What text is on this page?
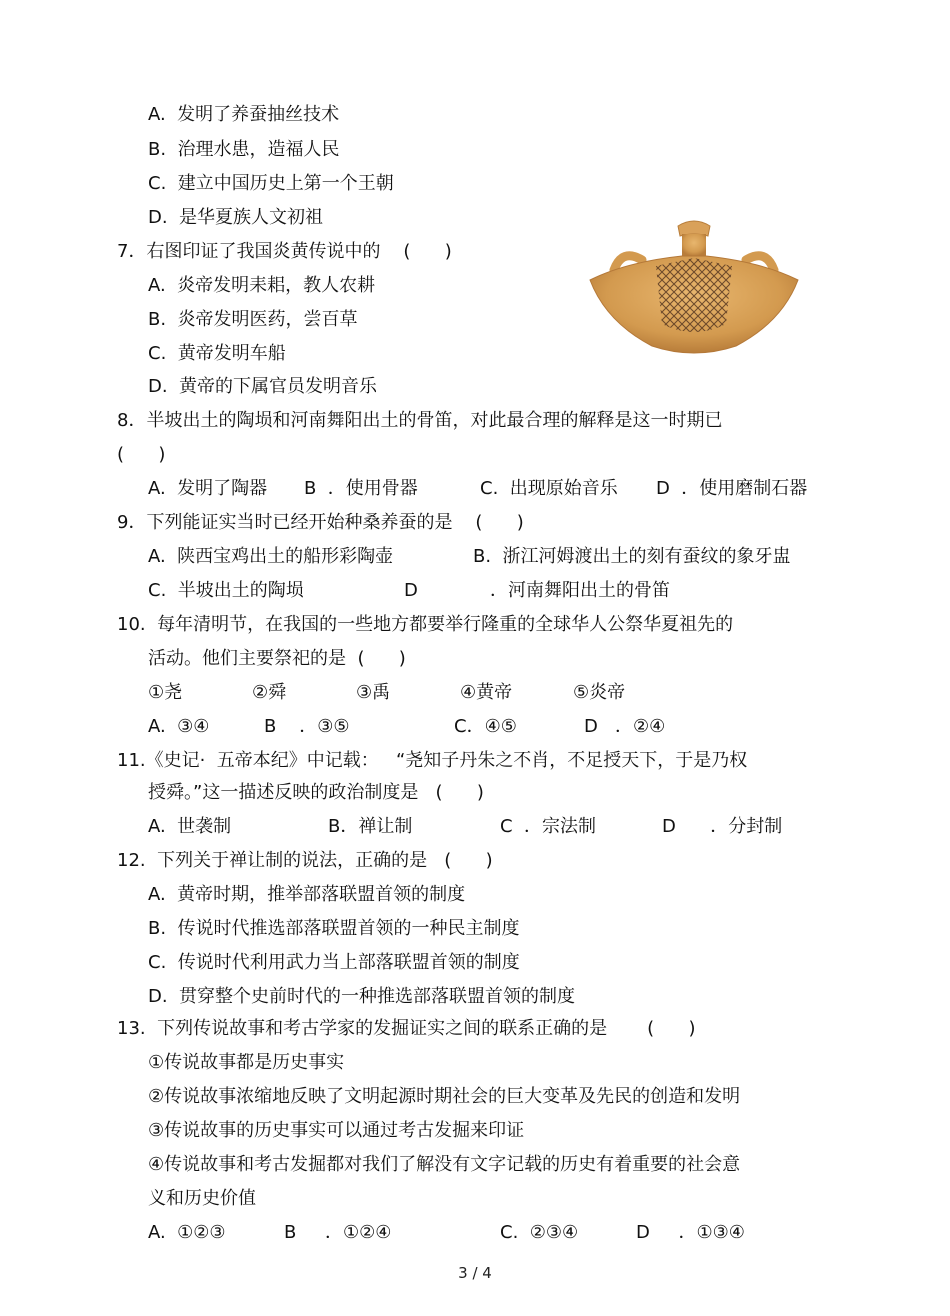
A.  发明了养蚕抽丝技术
B.  治理水患，造福人民
C.  建立中国历史上第一个王朝
D.  是华夏族人文初祖
7．右图印证了我国炎黄传说中的    (      )
A.  炎帝发明耒耜，教人农耕
B.  炎帝发明医药，尝百草
C.  黄帝发明车船
D.  黄帝的下属官员发明音乐
8．半坡出土的陶埙和河南舞阳出土的骨笛，对此最合理的解释是这一时期已
(      )
A.  发明了陶器 B  ．使用骨器	C.  出现原始音乐 D  ．使用磨制石器
9．下列能证实当时已经开始种桑养蚕的是    (      )
A.  陕西宝鸡出土的船形彩陶壶	B.  浙江河姆渡出土的刻有蚕纹的象牙盅
C.  半坡出土的陶埙	D	．河南舞阳出土的骨笛
10.  每年清明节，在我国的一些地方都要举行隆重的全球华人公祭华夏祖先的
活动。他们主要祭祀的是  (      )
①尧	②舜	③禹	④黄帝	⑤炎帝
A.  ③④	B    ．③⑤	C．④⑤	D   ．②④
11.《史记·  五帝本纪》中记载：   “尧知子丹朱之不肖，不足授天下，于是乃权
授舜。”这一描述反映的政治制度是   (      )
A.  世袭制	B．禅让制	C  ．宗法制	D      ．分封制
12.  下列关于禅让制的说法，正确的是   (      )
A.  黄帝时期，推举部落联盟首领的制度
B.  传说时代推选部落联盟首领的一种民主制度
C.  传说时代利用武力当上部落联盟首领的制度
D.  贯穿整个史前时代的一种推选部落联盟首领的制度
13.  下列传说故事和考古学家的发掘证实之间的联系正确的是       (      )
①传说故事都是历史事实
②传说故事浓缩地反映了文明起源时期社会的巨大变革及先民的创造和发明
③传说故事的历史事实可以通过考古发掘来印证
④传说故事和考古发掘都对我们了解没有文字记载的历史有着重要的社会意
义和历史价值
A.  ①②③	B     ．①②④	C.  ②③④	D     ．①③④
3 / 4
